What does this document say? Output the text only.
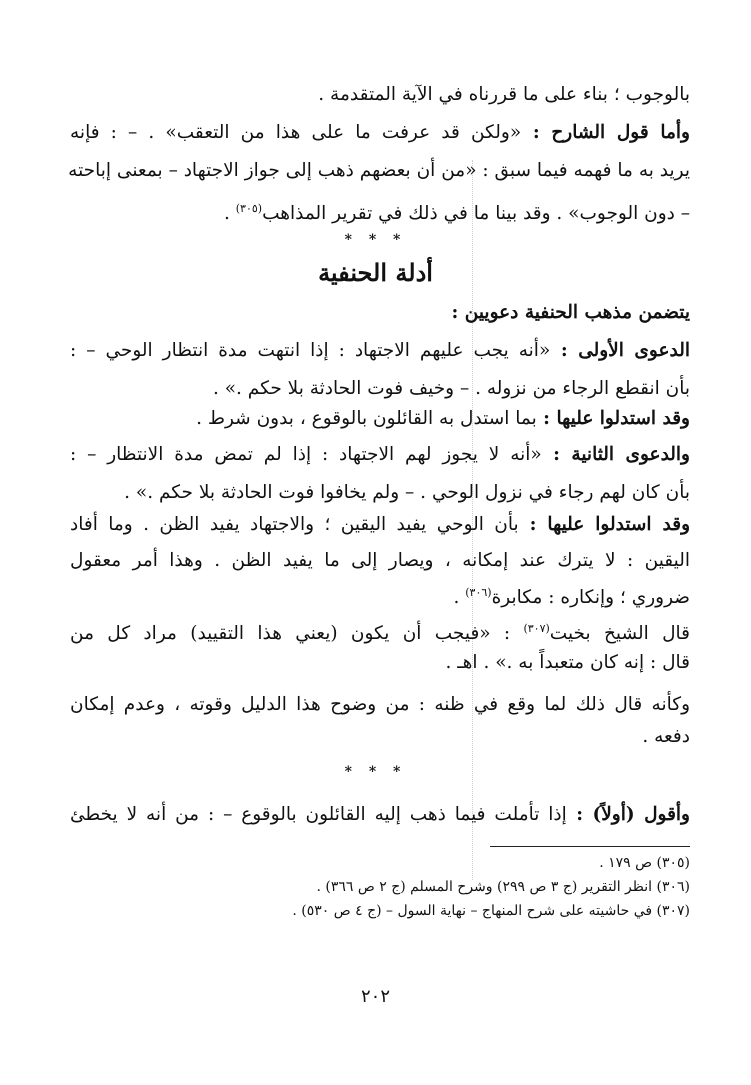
بالوجوب ؛ بناء على ما قررناه في الآية المتقدمة .
وأما قول الشارح : «ولكن قد عرفت ما على هذا من التعقب» . – : فإنه
يريد به ما فهمه فيما سبق : «من أن بعضهم ذهب إلى جواز الاجتهاد – بمعنى إباحته
– دون الوجوب» . وقد بينا ما في ذلك في تقرير المذاهب$^{(٣٠٥)}$ .
يتضمن مذهب الحنفية دعويين :
الدعوى الأولى : «أنه يجب عليهم الاجتهاد : إذا انتهت مدة انتظار الوحي – :
بأن انقطع الرجاء من نزوله . – وخيف فوت الحادثة بلا حكم .» .
وقد استدلوا عليها : بما استدل به القائلون بالوقوع ، بدون شرط .
والدعوى الثانية : «أنه لا يجوز لهم الاجتهاد : إذا لم تمض مدة الانتظار – :
بأن كان لهم رجاء في نزول الوحي . – ولم يخافوا فوت الحادثة بلا حكم .» .
وقد استدلوا عليها : بأن الوحي يفيد اليقين ؛ والاجتهاد يفيد الظن . وما أفاد
اليقين : لا يترك عند إمكانه ، ويصار إلى ما يفيد الظن . وهذا أمر معقول
ضروري ؛ وإنكاره : مكابرة$^{(٣٠٦)}$ .
قال الشيخ بخيت$^{(٣٠٧)}$ : «فيجب أن يكون (يعني هذا التقييد) مراد كل من
قال : إنه كان متعبداً به .» . اهـ .
وكأنه قال ذلك لما وقع في ظنه : من وضوح هذا الدليل وقوته ، وعدم إمكان
دفعه .
وأقول (أولاً) : إذا تأملت فيما ذهب إليه القائلون بالوقوع – : من أنه لا يخطئ
* * *
أدلة الحنفية
* * *
(٣٠٥) ص ١٧٩ .
(٣٠٦) انظر التقرير (ج ٣ ص ٢٩٩) وشرح المسلم (ج ٢ ص ٣٦٦) .
(٣٠٧) في حاشيته على شرح المنهاج – نهاية السول – (ج ٤ ص ٥٣٠) .
٢٠٢
